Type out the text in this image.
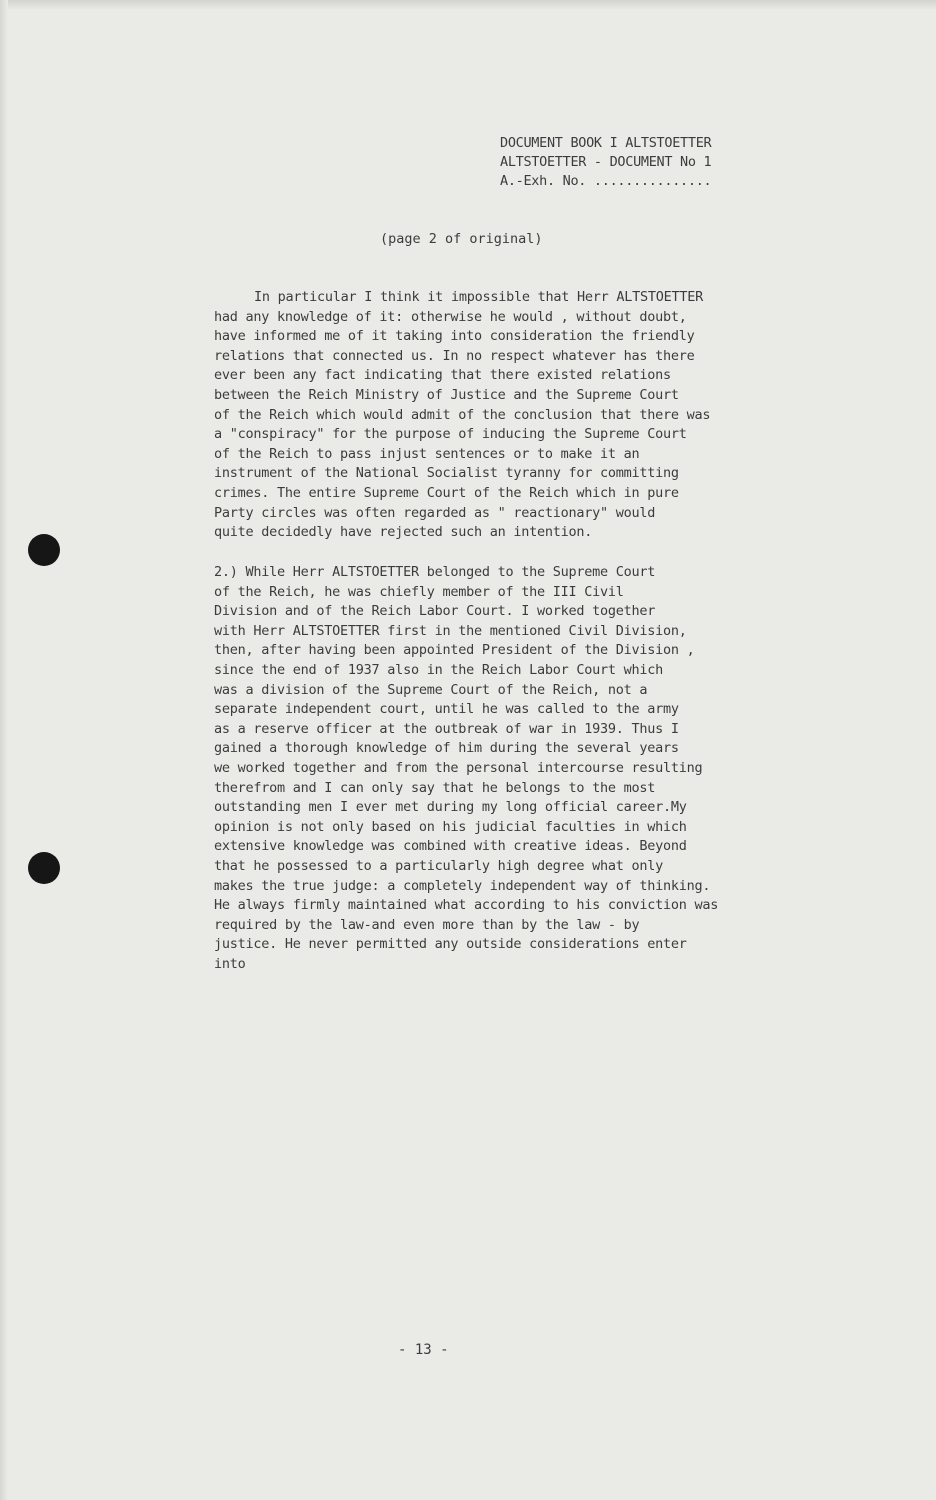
DOCUMENT BOOK I ALTSTOETTER
ALTSTOETTER - DOCUMENT No 1
A.-Exh. No. ...............
(page 2 of original)
In particular I think it impossible that Herr ALTSTOETTER
had any knowledge of it: otherwise he would , without doubt,
have informed me of it taking into consideration the friendly
relations that connected us. In no respect whatever has there
ever been any fact indicating that there existed relations
between the Reich Ministry of Justice and the Supreme Court
of the Reich which would admit of the conclusion that there was
a "conspiracy" for the purpose of inducing the Supreme Court
of the Reich to pass injust sentences or to make it an
instrument of the National Socialist tyranny for committing
crimes. The entire Supreme Court of the Reich which in pure
Party circles was often regarded as " reactionary" would
quite decidedly have rejected such an intention.
2.) While Herr ALTSTOETTER belonged to the Supreme Court
of the Reich, he was chiefly member of the III Civil
Division and of the Reich Labor Court. I worked together
with Herr ALTSTOETTER first in the mentioned Civil Division,
then, after having been appointed President of the Division ,
since the end of 1937 also in the Reich Labor Court which
was a division of the Supreme Court of the Reich, not a
separate independent court, until he was called to the army
as a reserve officer at the outbreak of war in 1939. Thus I
gained a thorough knowledge of him during the several years
we worked together and from the personal intercourse resulting
therefrom and I can only say that he belongs to the most
outstanding men I ever met during my long official career.My
opinion is not only based on his judicial faculties in which
extensive knowledge was combined with creative ideas. Beyond
that he possessed to a particularly high degree what only
makes the true judge: a completely independent way of thinking.
He always firmly maintained what according to his conviction was
required by the law-and even more than by the law - by
justice. He never permitted any outside considerations enter
into
- 13 -
